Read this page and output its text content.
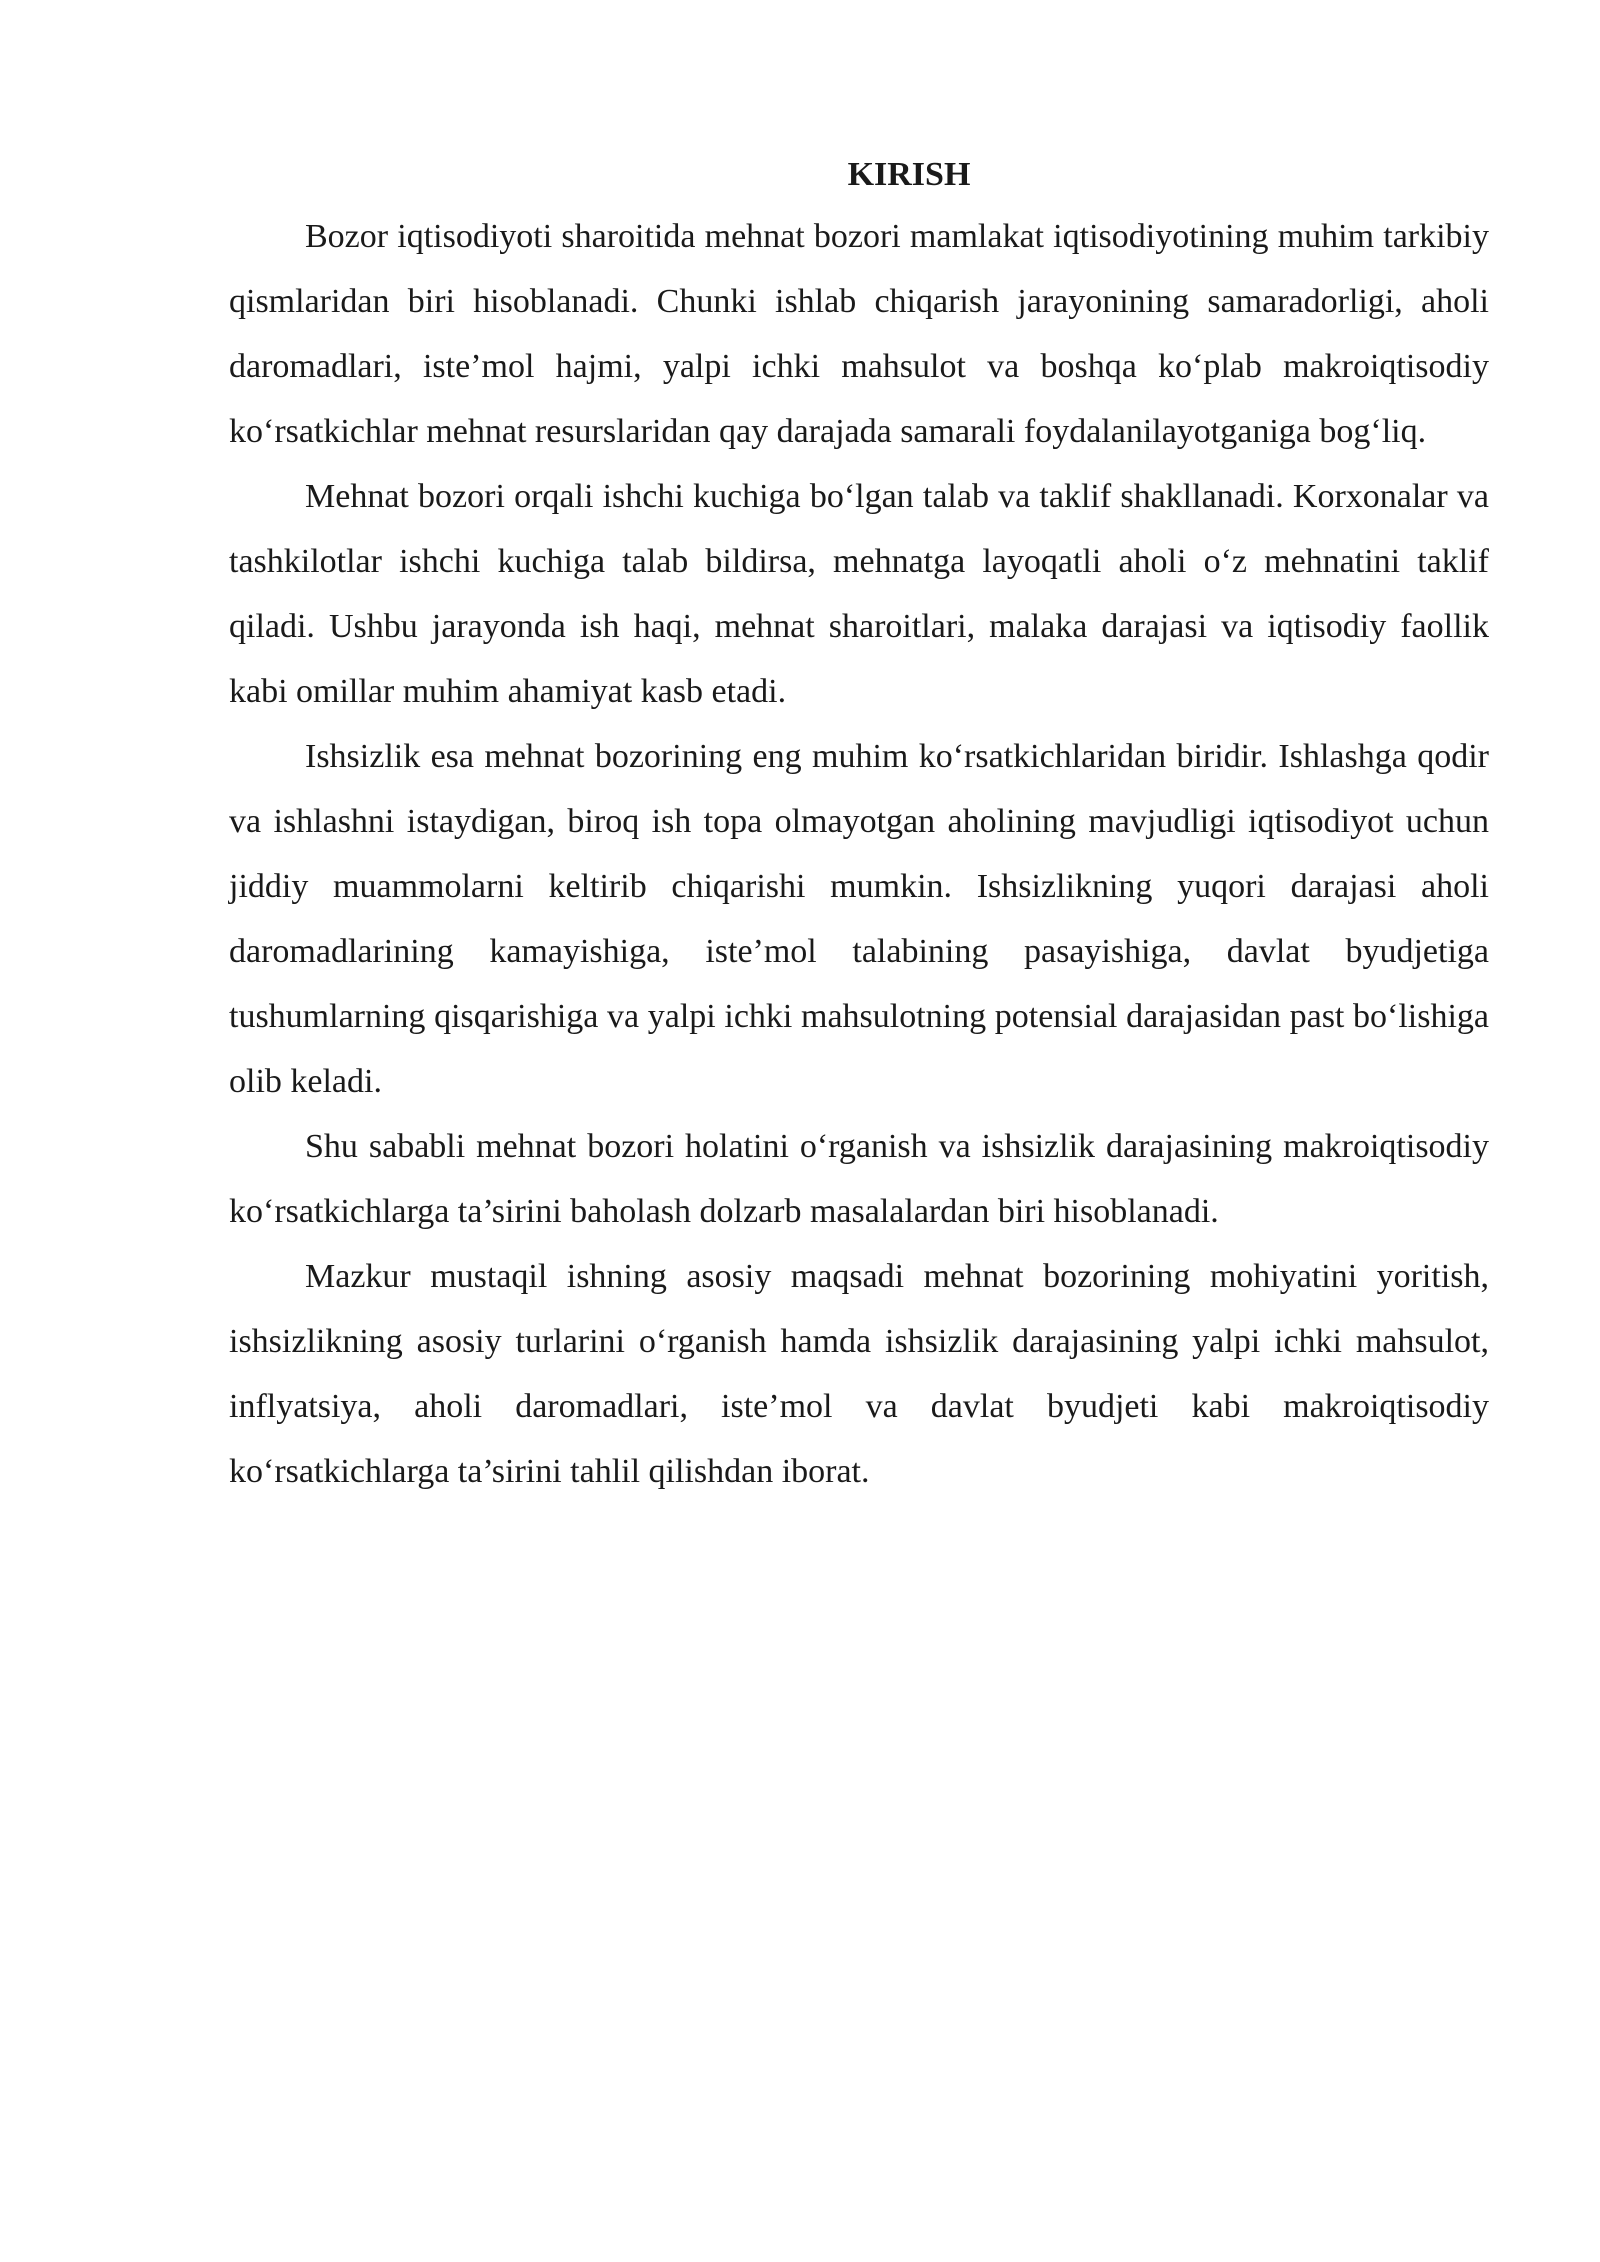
KIRISH

Bozor iqtisodiyoti sharoitida mehnat bozori mamlakat iqtisodiyotining muhim tarkibiy qismlaridan biri hisoblanadi. Chunki ishlab chiqarish jarayonining samaradorligi, aholi daromadlari, iste’mol hajmi, yalpi ichki mahsulot va boshqa ko‘plab makroiqtisodiy ko‘rsatkichlar mehnat resurslaridan qay darajada samarali foydalanilayotganiga bog‘liq.

Mehnat bozori orqali ishchi kuchiga bo‘lgan talab va taklif shakllanadi. Korxonalar va tashkilotlar ishchi kuchiga talab bildirsa, mehnatga layoqatli aholi o‘z mehnatini taklif qiladi. Ushbu jarayonda ish haqi, mehnat sharoitlari, malaka darajasi va iqtisodiy faollik kabi omillar muhim ahamiyat kasb etadi.

Ishsizlik esa mehnat bozorining eng muhim ko‘rsatkichlaridan biridir. Ishlashga qodir va ishlashni istaydigan, biroq ish topa olmayotgan aholining mavjudligi iqtisodiyot uchun jiddiy muammolarni keltirib chiqarishi mumkin. Ishsizlikning yuqori darajasi aholi daromadlarining kamayishiga, iste’mol talabining pasayishiga, davlat byudjetiga tushumlarning qisqarishiga va yalpi ichki mahsulotning potensial darajasidan past bo‘lishiga olib keladi.

Shu sababli mehnat bozori holatini o‘rganish va ishsizlik darajasining makroiqtisodiy ko‘rsatkichlarga ta’sirini baholash dolzarb masalalardan biri hisoblanadi.

Mazkur mustaqil ishning asosiy maqsadi mehnat bozorining mohiyatini yoritish, ishsizlikning asosiy turlarini o‘rganish hamda ishsizlik darajasining yalpi ichki mahsulot, inflyatsiya, aholi daromadlari, iste’mol va davlat byudjeti kabi makroiqtisodiy ko‘rsatkichlarga ta’sirini tahlil qilishdan iborat.
